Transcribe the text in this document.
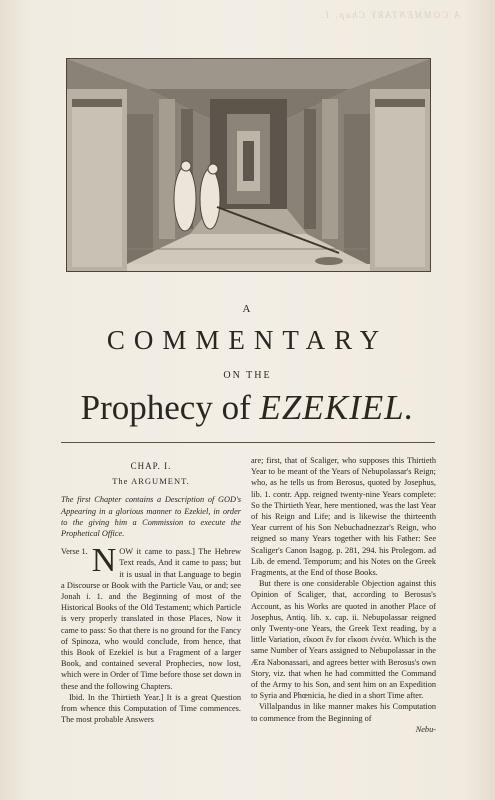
A COMMENTARY Chap. I.
A
COMMENTARY
ON THE
Prophecy of EZEKIEL.

CHAP. I.

The ARGUMENT.

The first Chapter contains a Description of GOD's Appearing in a glorious manner to Ezekiel, in order to the giving him a Commission to execute the Prophetical Office.

Verse 1. N OW it came to pass.] The Hebrew Text reads, And it came to pass; but it is usual in that Language to begin a Discourse or Book with the Particle Vau, or and; see Jonah i. 1. and the Beginning of most of the Historical Books of the Old Testament; which Particle is very properly translated in those Places, Now it came to pass: So that there is no ground for the Fancy of Spinoza, who would conclude, from hence, that this Book of Ezekiel is but a Fragment of a larger Book, and contained several Prophecies, now lost, which were in Order of Time before those set down in these and the following Chapters.

Ibid. In the Thirtieth Year.] It is a great Question from whence this Computation of Time commences. The most probable Answers

are; first, that of Scaliger, who supposes this Thirtieth Year to be meant of the Years of Nebupolassar's Reign; who, as he tells us from Berosus, quoted by Josephus, lib. 1. contr. App. reigned twenty-nine Years complete: So the Thirtieth Year, here mentioned, was the last Year of his Reign and Life; and is likewise the thirteenth Year current of his Son Nebuchadnezzar's Reign, who reigned so many Years together with his Father: See Scaliger's Canon Isagog. p. 281, 294. his Prolegom. ad Lib. de emend. Temporum; and his Notes on the Greek Fragments, at the End of those Books.

But there is one considerable Objection against this Opinion of Scaliger, that, according to Berosus's Account, as his Works are quoted in another Place of Josephus, Antiq. lib. x. cap. ii. Nebupolassar reigned only Twenty-one Years, the Greek Text reading, by a little Variation, εἴκοσι ἓν for εἴκοσι ἐννέα. Which is the same Number of Years assigned to Nebupolassar in the Æra Nabonassari, and agrees better with Berosus's own Story, viz. that when he had committed the Command of the Army to his Son, and sent him on an Expedition to Syria and Phœnicia, he died in a short Time after.

Villalpandus in like manner makes his Computation to commence from the Beginning of

Nebu-
